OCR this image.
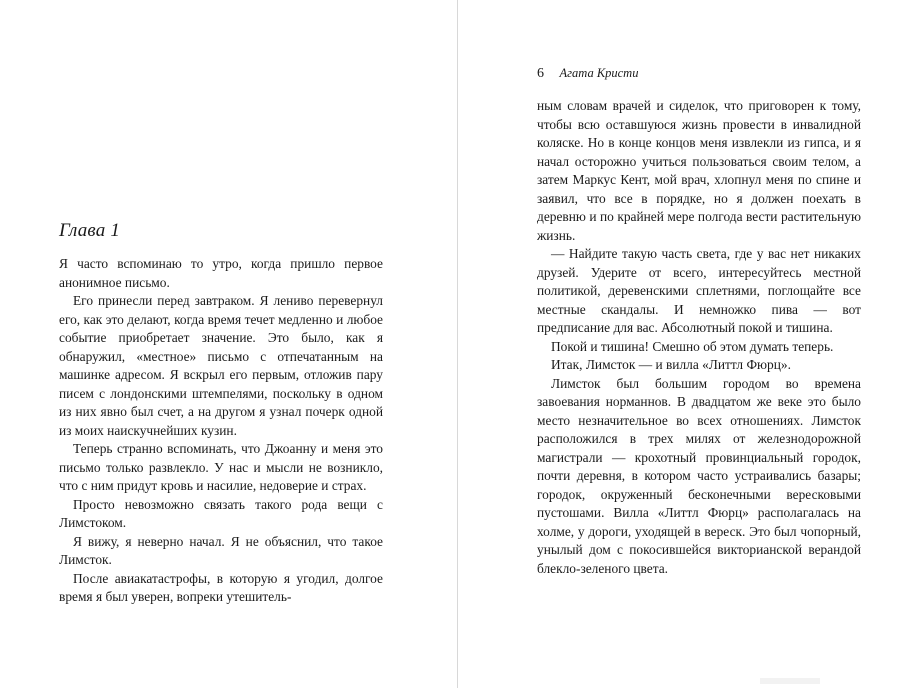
Глава 1

Я часто вспоминаю то утро, когда пришло первое анонимное письмо.

Его принесли перед завтраком. Я лениво перевернул его, как это делают, когда время течет медленно и любое событие приобретает значение. Это было, как я обнаружил, «местное» письмо с отпечатанным на машинке адресом. Я вскрыл его первым, отложив пару писем с лондонскими штемпелями, поскольку в одном из них явно был счет, а на другом я узнал почерк одной из моих наискучнейших кузин.

Теперь странно вспоминать, что Джоанну и меня это письмо только развлекло. У нас и мысли не возникло, что с ним придут кровь и насилие, недоверие и страх.

Просто невозможно связать такого рода вещи с Лимстоком.

Я вижу, я неверно начал. Я не объяснил, что такое Лимсток.

После авиакатастрофы, в которую я угодил, долгое время я был уверен, вопреки утешитель-

6 Агата Кристи

ным словам врачей и сиделок, что приговорен к тому, чтобы всю оставшуюся жизнь провести в инвалидной коляске. Но в конце концов меня извлекли из гипса, и я начал осторожно учиться пользоваться своим телом, а затем Маркус Кент, мой врач, хлопнул меня по спине и заявил, что все в порядке, но я должен поехать в деревню и по крайней мере полгода вести растительную жизнь.

— Найдите такую часть света, где у вас нет никаких друзей. Удерите от всего, интересуйтесь местной политикой, деревенскими сплетнями, поглощайте все местные скандалы. И немножко пива — вот предписание для вас. Абсолютный покой и тишина.

Покой и тишина! Смешно об этом думать теперь.

Итак, Лимсток — и вилла «Литтл Фюрц».

Лимсток был большим городом во времена завоевания норманнов. В двадцатом же веке это было место незначительное во всех отношениях. Лимсток расположился в трех милях от железнодорожной магистрали — крохотный провинциальный городок, почти деревня, в котором часто устраивались базары; городок, окруженный бесконечными вересковыми пустошами. Вилла «Литтл Фюрц» располагалась на холме, у дороги, уходящей в вереск. Это был чопорный, унылый дом с покосившейся викторианской верандой блекло-зеленого цвета.
